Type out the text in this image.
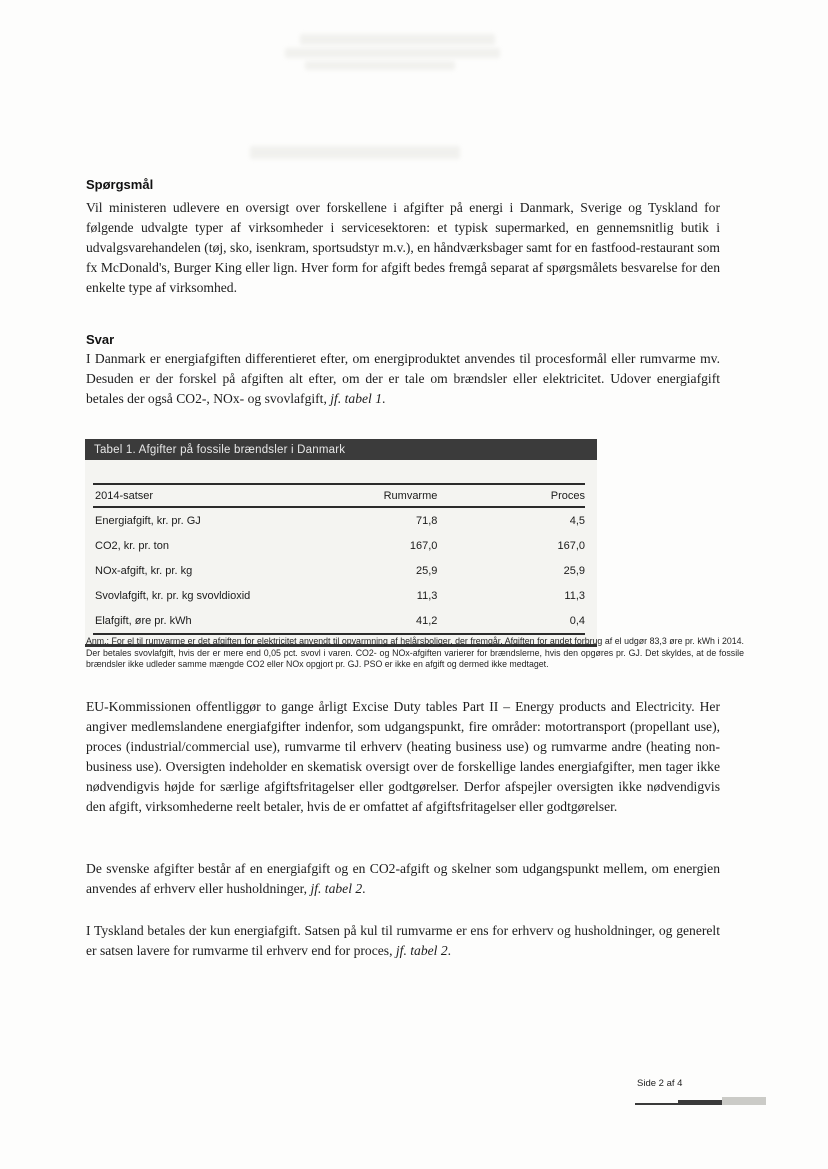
Spørgsmål
Vil ministeren udlevere en oversigt over forskellene i afgifter på energi i Danmark, Sverige og Tyskland for følgende udvalgte typer af virksomheder i servicesektoren: et typisk supermarked, en gennemsnitlig butik i udvalgsvarehandelen (tøj, sko, isenkram, sportsudstyr m.v.), en håndværksbager samt for en fastfood-restaurant som fx McDonald's, Burger King eller lign. Hver form for afgift bedes fremgå separat af spørgsmålets besvarelse for den enkelte type af virksomhed.
Svar
I Danmark er energiafgiften differentieret efter, om energiproduktet anvendes til procesformål eller rumvarme mv. Desuden er der forskel på afgiften alt efter, om der er tale om brændsler eller elektricitet. Udover energiafgift betales der også CO2-, NOx- og svovlafgift, jf. tabel 1.
Tabel 1. Afgifter på fossile brændsler i Danmark
2014-satser	Rumvarme	Proces
Energiafgift, kr. pr. GJ	71,8	4,5
CO2, kr. pr. ton	167,0	167,0
NOx-afgift, kr. pr. kg	25,9	25,9
Svovlafgift, kr. pr. kg svovldioxid	11,3	11,3
Elafgift, øre pr. kWh	41,2	0,4
Anm.: For el til rumvarme er det afgiften for elektricitet anvendt til opvarmning af helårsboliger, der fremgår. Afgiften for andet forbrug af el udgør 83,3 øre pr. kWh i 2014. Der betales svovlafgift, hvis der er mere end 0,05 pct. svovl i varen. CO2- og NOx-afgiften varierer for brændslerne, hvis den opgøres pr. GJ. Det skyldes, at de fossile brændsler ikke udleder samme mængde CO2 eller NOx opgjort pr. GJ. PSO er ikke en afgift og dermed ikke medtaget.
EU-Kommissionen offentliggør to gange årligt Excise Duty tables Part II – Energy products and Electricity. Her angiver medlemslandene energiafgifter indenfor, som udgangspunkt, fire områder: motortransport (propellant use), proces (industrial/commercial use), rumvarme til erhverv (heating business use) og rumvarme andre (heating non-business use). Oversigten indeholder en skematisk oversigt over de forskellige landes energiafgifter, men tager ikke nødvendigvis højde for særlige afgiftsfritagelser eller godtgørelser. Derfor afspejler oversigten ikke nødvendigvis den afgift, virksomhederne reelt betaler, hvis de er omfattet af afgiftsfritagelser eller godtgørelser.
De svenske afgifter består af en energiafgift og en CO2-afgift og skelner som udgangspunkt mellem, om energien anvendes af erhverv eller husholdninger, jf. tabel 2.
I Tyskland betales der kun energiafgift. Satsen på kul til rumvarme er ens for erhverv og husholdninger, og generelt er satsen lavere for rumvarme til erhverv end for proces, jf. tabel 2.
Side 2 af 4
